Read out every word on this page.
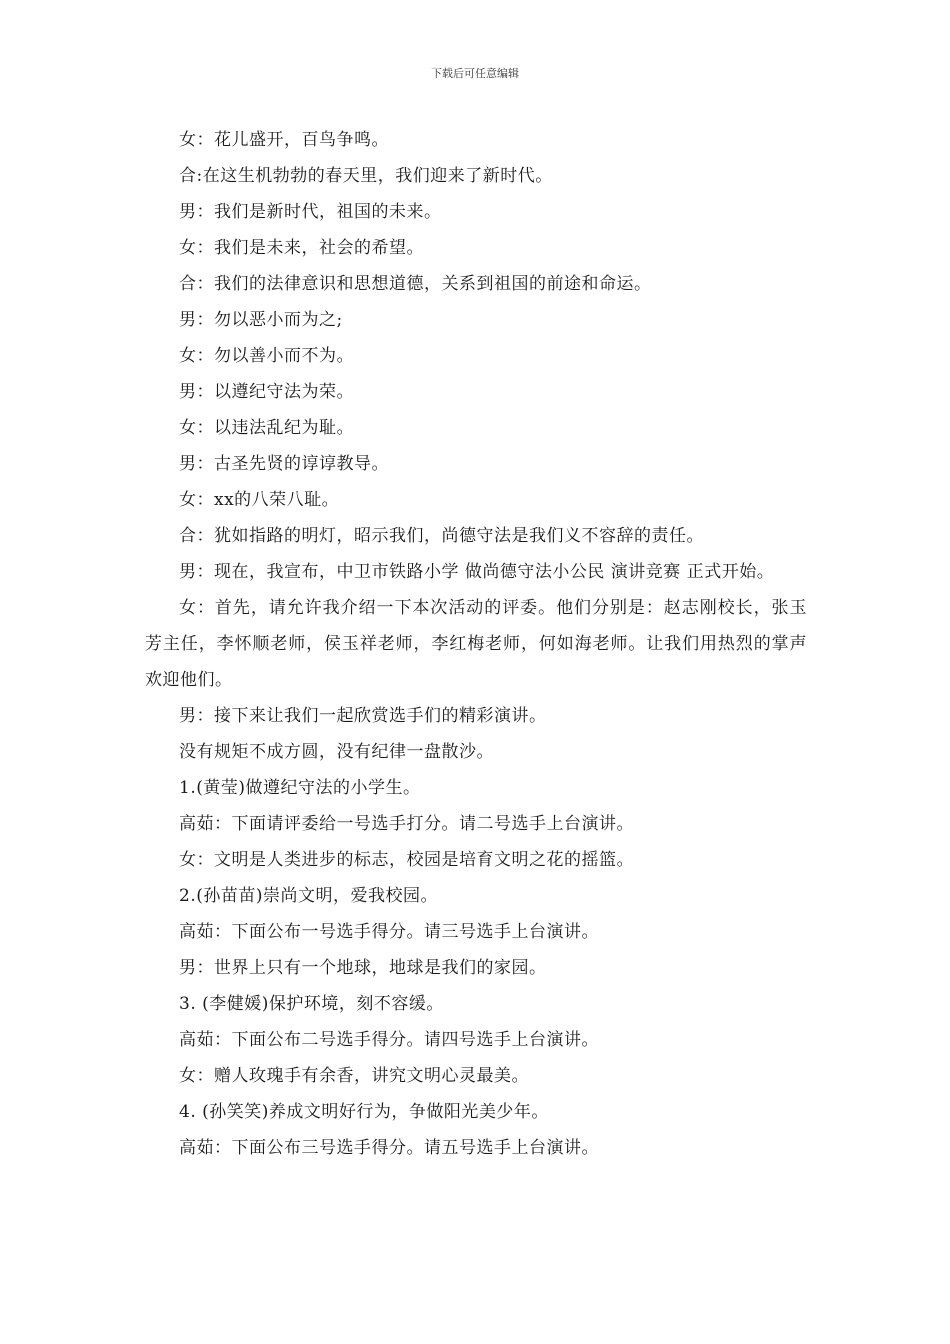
下载后可任意编辑

女：花儿盛开，百鸟争鸣。

合:在这生机勃勃的春天里，我们迎来了新时代。

男：我们是新时代，祖国的未来。

女：我们是未来，社会的希望。

合：我们的法律意识和思想道德，关系到祖国的前途和命运。

男：勿以恶小而为之;

女：勿以善小而不为。

男：以遵纪守法为荣。

女：以违法乱纪为耻。

男：古圣先贤的谆谆教导。

女：xx的八荣八耻。

合：犹如指路的明灯，昭示我们，尚德守法是我们义不容辞的责任。

男：现在，我宣布，中卫市铁路小学 做尚德守法小公民 演讲竞赛 正式开始。

女：首先，请允许我介绍一下本次活动的评委。他们分别是：赵志刚校长，张玉芳主任，李怀顺老师，侯玉祥老师，李红梅老师，何如海老师。让我们用热烈的掌声欢迎他们。

男：接下来让我们一起欣赏选手们的精彩演讲。

没有规矩不成方圆，没有纪律一盘散沙。

1.(黄莹)做遵纪守法的小学生。

高茹：下面请评委给一号选手打分。请二号选手上台演讲。

女：文明是人类进步的标志，校园是培育文明之花的摇篮。

2.(孙苗苗)崇尚文明，爱我校园。

高茹：下面公布一号选手得分。请三号选手上台演讲。

男：世界上只有一个地球，地球是我们的家园。

3. (李健媛)保护环境，刻不容缓。

高茹：下面公布二号选手得分。请四号选手上台演讲。

女：赠人玫瑰手有余香，讲究文明心灵最美。

4. (孙笑笑)养成文明好行为，争做阳光美少年。

高茹：下面公布三号选手得分。请五号选手上台演讲。
